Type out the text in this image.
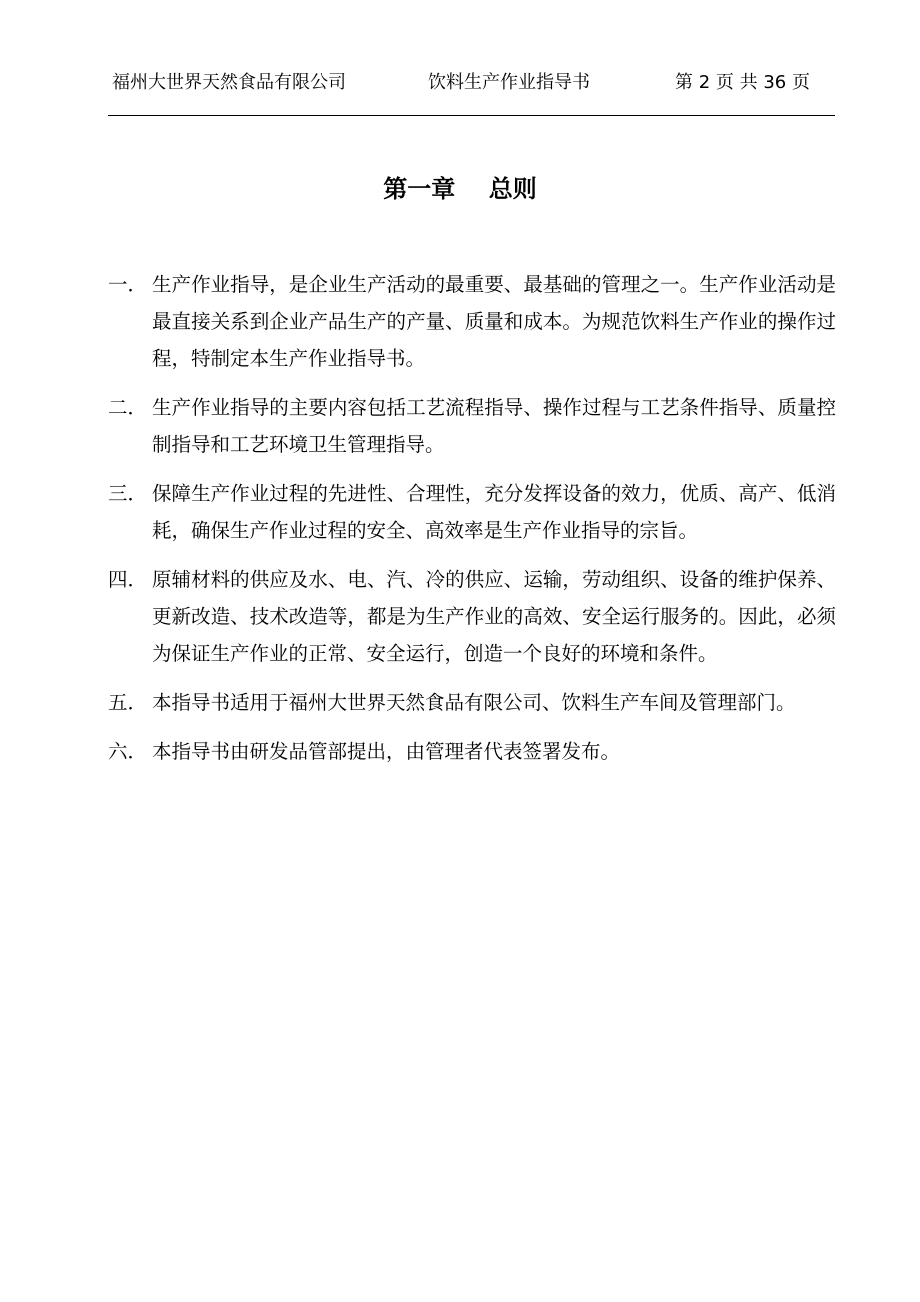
福州大世界天然食品有限公司	饮料生产作业指导书	第 2 页 共 36 页
第一章    总则
一． 生产作业指导，是企业生产活动的最重要、最基础的管理之一。生产作业活动是最直接关系到企业产品生产的产量、质量和成本。为规范饮料生产作业的操作过程，特制定本生产作业指导书。
二． 生产作业指导的主要内容包括工艺流程指导、操作过程与工艺条件指导、质量控制指导和工艺环境卫生管理指导。
三． 保障生产作业过程的先进性、合理性，充分发挥设备的效力，优质、高产、低消耗，确保生产作业过程的安全、高效率是生产作业指导的宗旨。
四． 原辅材料的供应及水、电、汽、冷的供应、运输，劳动组织、设备的维护保养、更新改造、技术改造等，都是为生产作业的高效、安全运行服务的。因此，必须为保证生产作业的正常、安全运行，创造一个良好的环境和条件。
五． 本指导书适用于福州大世界天然食品有限公司、饮料生产车间及管理部门。
六． 本指导书由研发品管部提出，由管理者代表签署发布。
